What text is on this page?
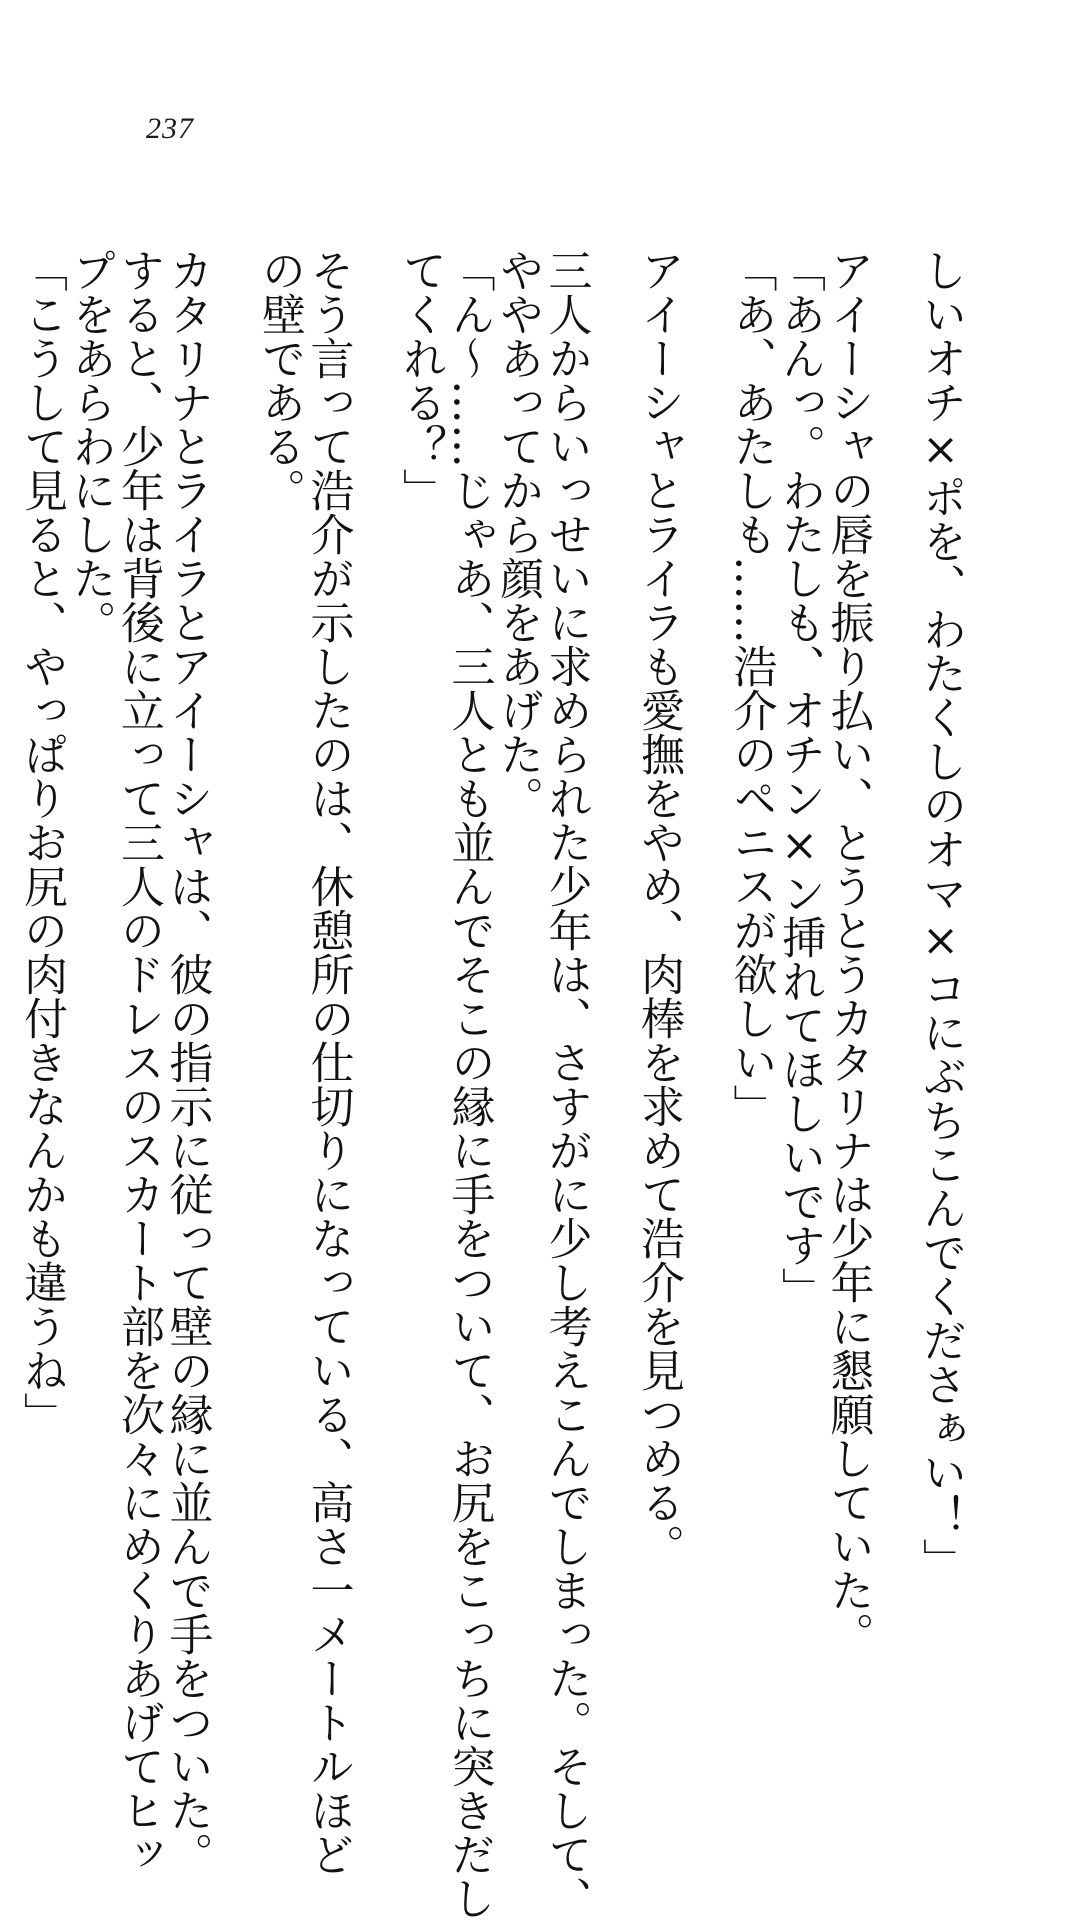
237
しいオチ×ポを、わたくしのオマ×コにぶちこんでくださぁい！」
アイーシャの唇を振り払い、とうとうカタリナは少年に懇願していた。
「あんっ。わたしも、オチン×ン挿れてほしいです」
「あ、あたしも……浩介のペニスが欲しい」
アイーシャとライラも愛撫をやめ、肉棒を求めて浩介を見つめる。
三人からいっせいに求められた少年は、さすがに少し考えこんでしまった。そして、
ややあってから顔をあげた。
「ん〜……じゃあ、三人とも並んでそこの縁に手をついて、お尻をこっちに突きだし
てくれる？」
そう言って浩介が示したのは、休憩所の仕切りになっている、高さ一メートルほど
の壁である。
カタリナとライラとアイーシャは、彼の指示に従って壁の縁に並んで手をついた。
すると、少年は背後に立って三人のドレスのスカート部を次々にめくりあげてヒッ
プをあらわにした。
「こうして見ると、やっぱりお尻の肉付きなんかも違うね」
